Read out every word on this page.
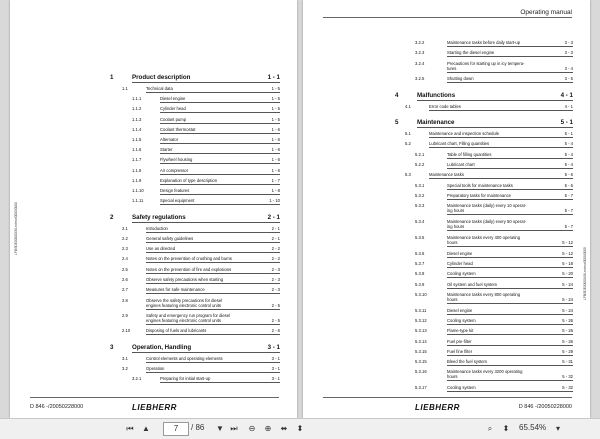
LFB/3DE0000045/Lecteur/0000/0000
1	Product description	1 - 1
1.1	Technical data	1 - 5
1.1.1	Diesel engine	1 - 5
1.1.2	Cylinder head	1 - 5
1.1.3	Coolant pump	1 - 5
1.1.4	Coolant thermostat	1 - 6
1.1.5	Alternator	1 - 6
1.1.6	Starter	1 - 6
1.1.7	Flywheel housing	1 - 6
1.1.8	Air compressor	1 - 6
1.1.9	Explanation of type description	1 - 7
1.1.10	Design features	1 - 8
1.1.11	Special equipment	1 - 10
2	Safety regulations	2 - 1
2.1	Introduction	2 - 1
2.2	General safety guidelines	2 - 1
2.3	Use as directed	2 - 2
2.4	Notes on the prevention of crushing and burns	2 - 2
2.5	Notes on the prevention of fire and explosions	2 - 3
2.6	Observe safety precautions when starting	2 - 3
2.7	Measures for safe maintenance	2 - 3
2.8	Observe the safety precautions for diesel
engines featuring electronic control units	2 - 5
2.9	Safety and emergency run program for diesel
engines featuring electronic control units	2 - 5
2.10	Disposing of fuels and lubricants	2 - 6
3	Operation, Handling	3 - 1
3.1	Control elements and operating elements	3 - 1
3.2	Operation	3 - 1
3.2.1	Preparing for initial start-up	3 - 1
D 846 -/20050228000	LIEBHERR
Operating manual
LFB/3DE0000045/Lecteur/0000/0000
3.2.2	Maintenance tasks before daily start-up	3 - 3
3.2.3	Starting the diesel engine	3 - 3
3.2.4	Precautions for starting up in icy tempera-
tures	3 - 4
3.2.5	Shutting down	3 - 5
4	Malfunctions	4 - 1
4.1	Error code tables	4 - 1
5	Maintenance	5 - 1
5.1	Maintenance and inspection schedule	5 - 1
5.2	Lubricant chart, Filling quantities	5 - 4
5.2.1	Table of filling quantities	5 - 4
5.2.2	Lubricant chart	5 - 4
5.3	Maintenance tasks	5 - 6
5.3.1	Special tools for maintenance tasks	5 - 6
5.3.2	Preparatory tasks for maintenance	5 - 7
5.3.3	Maintenance tasks (daily) every 10 operat-
ing hours	5 - 7
5.3.4	Maintenance tasks (daily) every 50 operat-
ing hours	5 - 7
5.3.5	Maintenance tasks every 400 operating
hours	5 - 12
5.3.6	Diesel engine	5 - 12
5.3.7	Cylinder head	5 - 18
5.3.8	Cooling system	5 - 20
5.3.9	Oil system and fuel system	5 - 24
5.3.10	Maintenance tasks every 800 operating
hours	5 - 24
5.3.11	Diesel engine	5 - 24
5.3.12	Cooling system	5 - 26
5.3.13	Flame-type kit	5 - 26
5.3.14	Fuel pre-filter	5 - 26
5.3.15	Fuel fine filter	5 - 29
5.3.15	Bleed the fuel system	5 - 31
5.3.16	Maintenance tasks every 3200 operating
hours	5 - 32
5.3.17	Cooling system	5 - 32
LIEBHERR	D 846 -/20050228000
⏮	▲	7	/ 86 ▼ ⏭	⊖	⊕	⬌	⬍	⌕	⬍	65.54%	▾
